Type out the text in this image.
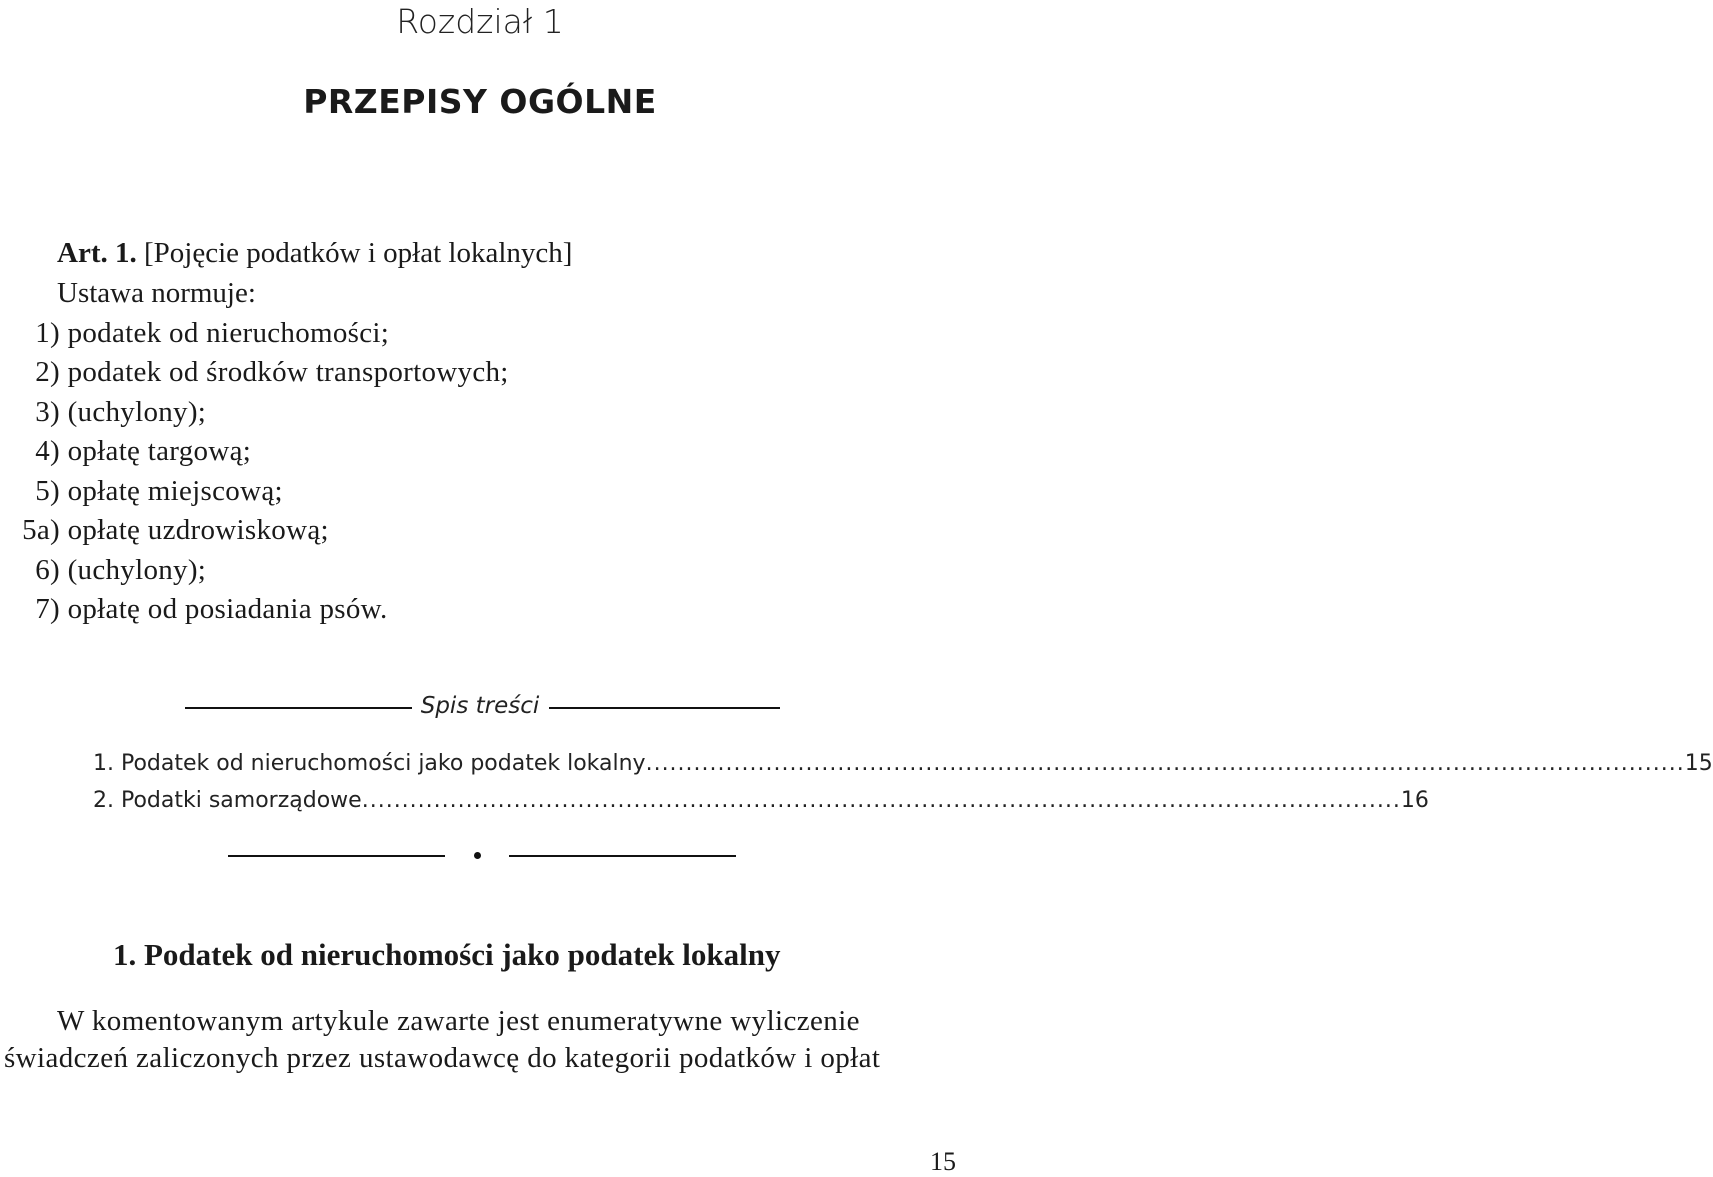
Rozdział 1
PRZEPISY OGÓLNE
Art. 1. [Pojęcie podatków i opłat lokalnych]
Ustawa normuje:
1) podatek od nieruchomości;
2) podatek od środków transportowych;
3) (uchylony);
4) opłatę targową;
5) opłatę miejscową;
5a) opłatę uzdrowiskową;
6) (uchylony);
7) opłatę od posiadania psów.
Spis treści
1. Podatek od nieruchomości jako podatek lokalny .................................................................................................................................. 15
2. Podatki samorządowe .................................................................................................................................. 16
1. Podatek od nieruchomości jako podatek lokalny
W komentowanym artykule zawarte jest enumeratywne wyliczenie
świadczeń zaliczonych przez ustawodawcę do kategorii podatków i opłat
15
